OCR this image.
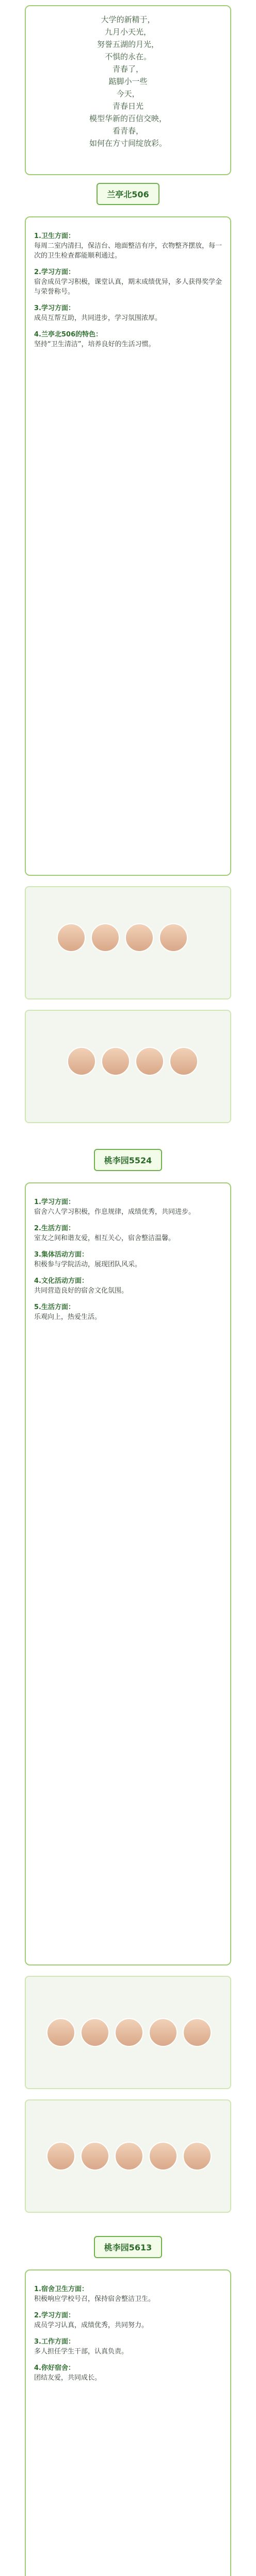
大学的新精于，
九月小天光，
努誉五湖的月光，
不惧的永在。
青春了，
踮脚小一些
今天，
青春日光
模型华新的百信交映，
看青春，
如何在方寸间绽放彩。
兰亭北506

1.卫生方面：
每周二室内清扫，保洁台、地面整洁有序，衣物整齐摆放，每一次的卫生检查都能顺利通过。

2.学习方面：
宿舍成员学习积极，课堂认真，期末成绩优异，多人获得奖学金与荣誉称号。

3.学习方面：
成员互帮互助，共同进步，学习氛围浓厚。

4.兰亭北506的特色：
坚持“卫生清洁”，培养良好的生活习惯。

桃李园5524

1.学习方面：
宿舍六人学习积极，作息规律，成绩优秀，共同进步。

2.生活方面：
室友之间和谐友爱，相互关心，宿舍整洁温馨。

3.集体活动方面：
积极参与学院活动，展现团队风采。

4.文化活动方面：
共同营造良好的宿舍文化氛围。

5.生活方面：
乐观向上，热爱生活。

桃李园5613

1.宿舍卫生方面：
积极响应学校号召，保持宿舍整洁卫生。

2.学习方面：
成员学习认真，成绩优秀，共同努力。

3.工作方面：
多人担任学生干部，认真负责。

4.你好宿舍：
团结友爱，共同成长。
